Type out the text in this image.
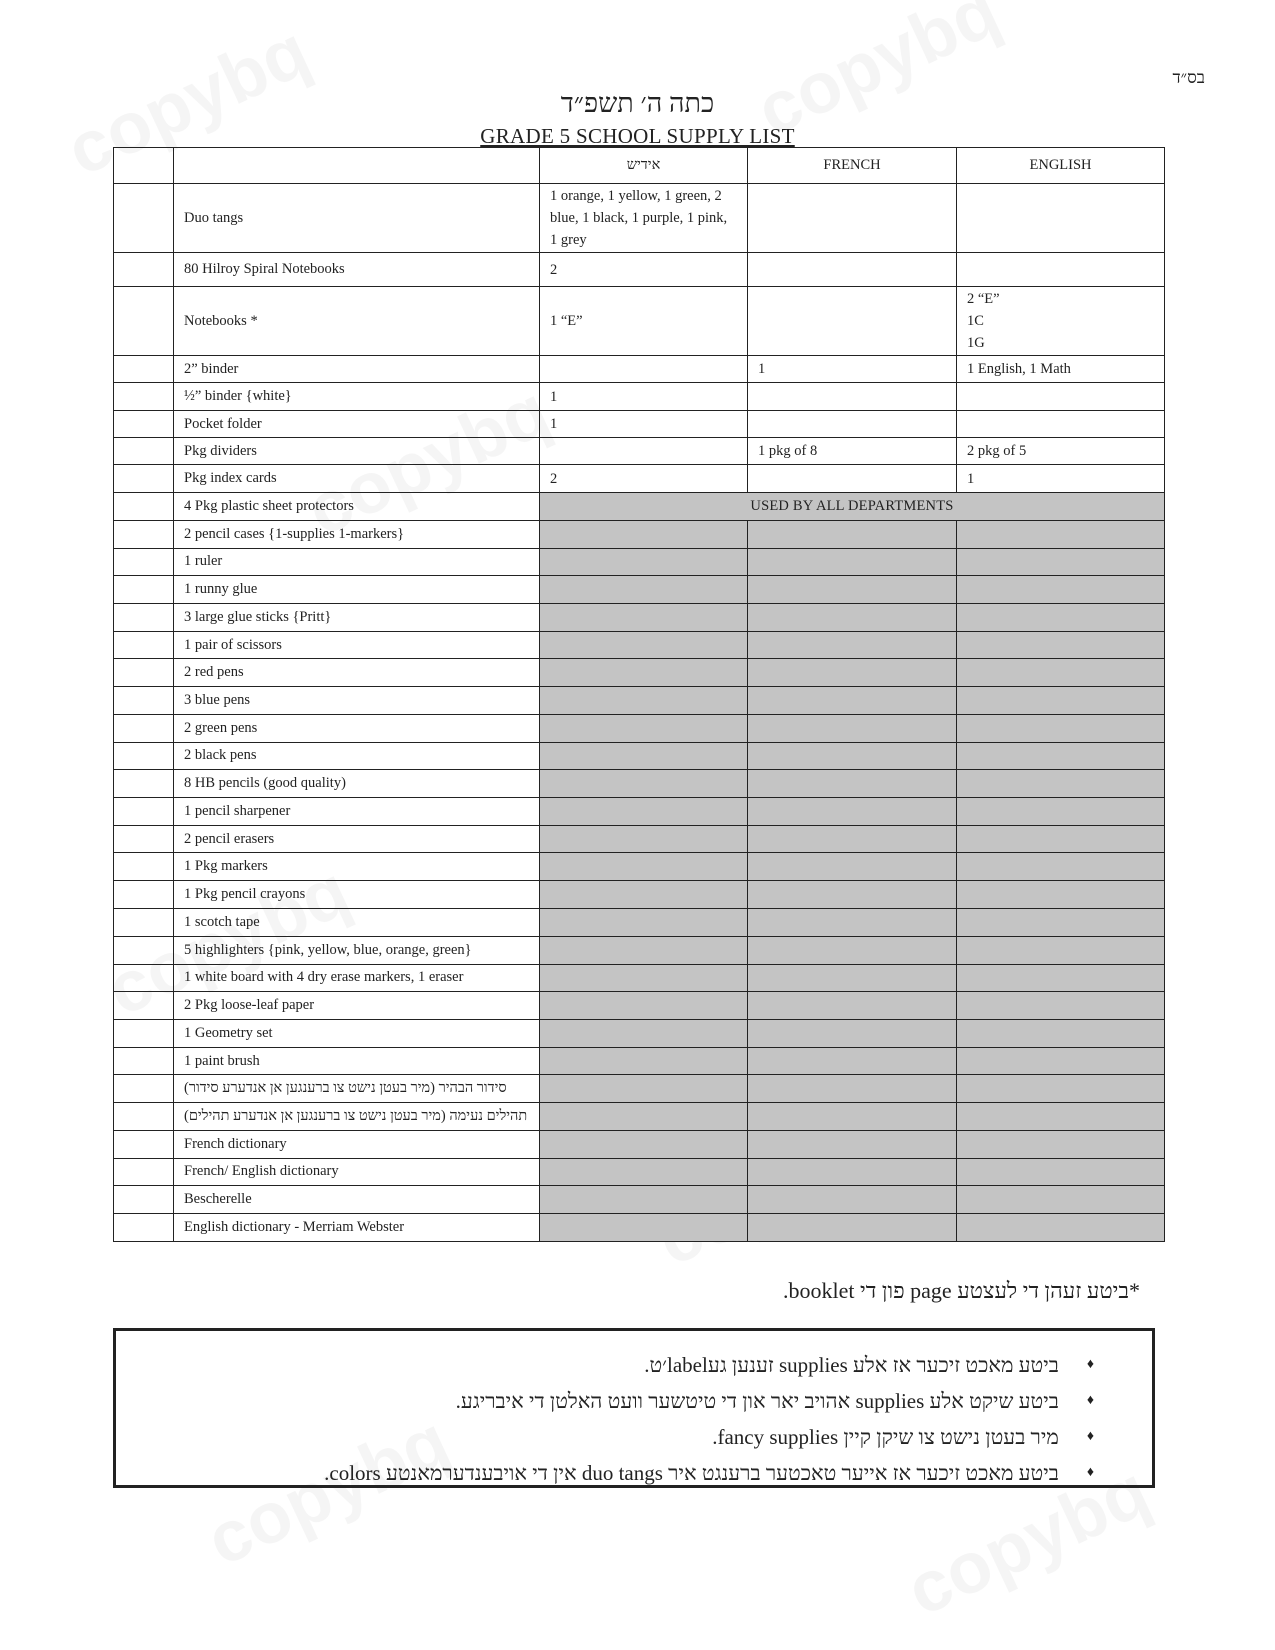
בס״ד
כתה ה׳ תשפ״ד
GRADE 5 SCHOOL SUPPLY LIST
		אידיש	FRENCH	ENGLISH
	Duo tangs	1 orange, 1 yellow, 1 green, 2 blue, 1 black, 1 purple, 1 pink, 1 grey		
	80 Hilroy Spiral Notebooks	2		
	Notebooks *	1 “E”		2 “E”
1C
1G
	2” binder		1	1 English, 1 Math
	½” binder {white}	1		
	Pocket folder	1		
	Pkg dividers		1 pkg of 8	2 pkg of 5
	Pkg index cards	2		1
	4 Pkg plastic sheet protectors	USED BY ALL DEPARTMENTS		
	2 pencil cases {1-supplies 1-markers}			
	1 ruler			
	1 runny glue			
	3 large glue sticks {Pritt}			
	1 pair of scissors			
	2 red pens			
	3 blue pens			
	2 green pens			
	2 black pens			
	8 HB pencils (good quality)			
	1 pencil sharpener			
	2 pencil erasers			
	1 Pkg markers			
	1 Pkg pencil crayons			
	1 scotch tape			
	5 highlighters {pink, yellow, blue, orange, green}			
	1 white board with 4 dry erase markers, 1 eraser			
	2 Pkg loose-leaf paper			
	1 Geometry set			
	1 paint brush			
	סידור הבהיר (מיר בעטן נישט צו ברענגען אן אנדערע סידור)			
	תהילים נעימה (מיר בעטן נישט צו ברענגען אן אנדערע תהילים)			
	French dictionary			
	French/ English dictionary			
	Bescherelle			
	English dictionary - Merriam Webster			
*ביטע זעהן די לעצטע page פון די booklet.
♦
ביטע מאכט זיכער אז אלע supplies זענען געlabel׳ט.
♦
ביטע שיקט אלע supplies אהויב יאר און די טיטשער וועט האלטן די איבריגע.
♦
מיר בעטן נישט צו שיקן קיין fancy supplies.
♦
ביטע מאכט זיכער אז אייער טאכטער ברענגט איר duo tangs אין די אויבענדערמאנטע colors.
